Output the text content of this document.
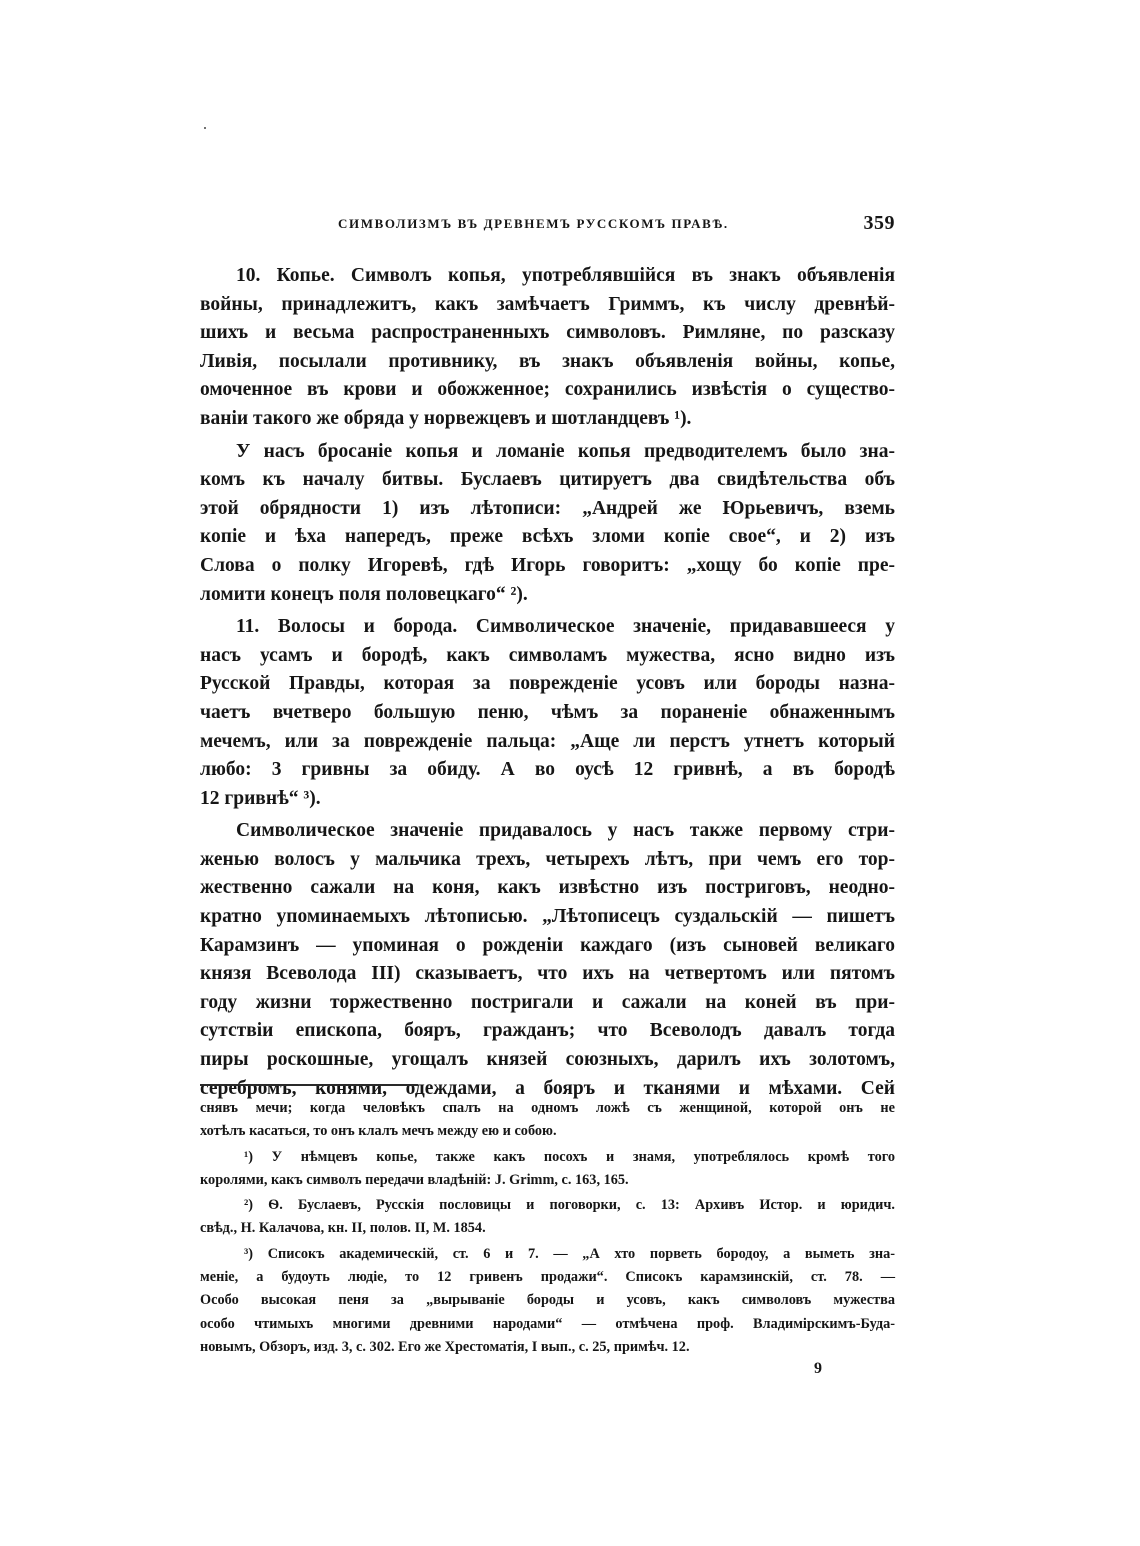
СИМВОЛИЗМЪ ВЪ ДРЕВНЕМЪ РУССКОМЪ ПРАВѢ.	359
10. Копье. Символъ копья, употреблявшійся въ знакъ объявленія
войны, принадлежитъ, какъ замѣчаетъ Гриммъ, къ числу древнѣй-
шихъ и весьма распространенныхъ символовъ. Римляне, по разсказу
Ливія, посылали противнику, въ знакъ объявленія войны, копье,
омоченное въ крови и обожженное; сохранились извѣстія о существо-
ваніи такого же обряда у норвежцевъ и шотландцевъ ¹).
У насъ бросаніе копья и ломаніе копья предводителемъ было зна-
комъ къ началу битвы. Буслаевъ цитируетъ два свидѣтельства объ
этой обрядности 1) изъ лѣтописи: „Андрей же Юрьевичъ, вземь
копіе и ѣха напередъ, преже всѣхъ зломи копіе свое“, и 2) изъ
Слова о полку Игоревѣ, гдѣ Игорь говоритъ: „хощу бо копіе пре-
ломити конецъ поля половецкаго“ ²).
11. Волосы и борода. Символическое значеніе, придававшееся у
насъ усамъ и бородѣ, какъ символамъ мужества, ясно видно изъ
Русской Правды, которая за поврежденіе усовъ или бороды назна-
чаетъ вчетверо большую пеню, чѣмъ за пораненіе обнаженнымъ
мечемъ, или за поврежденіе пальца: „Аще ли перстъ утнетъ который
любо: 3 гривны за обиду. А во оусѣ 12 гривнѣ, а въ бородѣ
12 гривнѣ“ ³).
Символическое значеніе придавалось у насъ также первому стри-
женью волосъ у мальчика трехъ, четырехъ лѣтъ, при чемъ его тор-
жественно сажали на коня, какъ извѣстно изъ постриговъ, неодно-
кратно упоминаемыхъ лѣтописью. „Лѣтописецъ суздальскій — пишетъ
Карамзинъ — упоминая о рожденіи каждаго (изъ сыновей великаго
князя Всеволода III) сказываетъ, что ихъ на четвертомъ или пятомъ
году жизни торжественно постригали и сажали на коней въ при-
сутствіи епископа, бояръ, гражданъ; что Всеволодъ давалъ тогда
пиры роскошные, угощалъ князей союзныхъ, дарилъ ихъ золотомъ,
серебромъ, конями, одеждами, а бояръ и тканями и мѣхами. Сей
снявъ мечи; когда человѣкъ спалъ на одномъ ложѣ съ женщиной, которой онъ не
хотѣлъ касаться, то онъ клалъ мечъ между ею и собою.
¹) У нѣмцевъ копье, также какъ посохъ и знамя, употреблялось кромѣ того
королями, какъ символъ передачи владѣній: J. Grimm, с. 163, 165.
²) Ѳ. Буслаевъ, Русскія пословицы и поговорки, с. 13: Архивъ Истор. и юридич.
свѣд., Н. Калачова, кн. II, полов. II, М. 1854.
³) Списокъ академическій, ст. 6 и 7. — „А хто порветь бородоу, а выметь зна-
меніе, а будоуть людіе, то 12 гривенъ продажи“. Списокъ карамзинскій, ст. 78. —
Особо высокая пеня за „вырываніе бороды и усовъ, какъ символовъ мужества
особо чтимыхъ многими древними народами“ — отмѣчена проф. Владимірскимъ-Буда-
новымъ, Обзоръ, изд. 3, с. 302. Его же Хрестоматія, I вып., с. 25, примѣч. 12.
9
